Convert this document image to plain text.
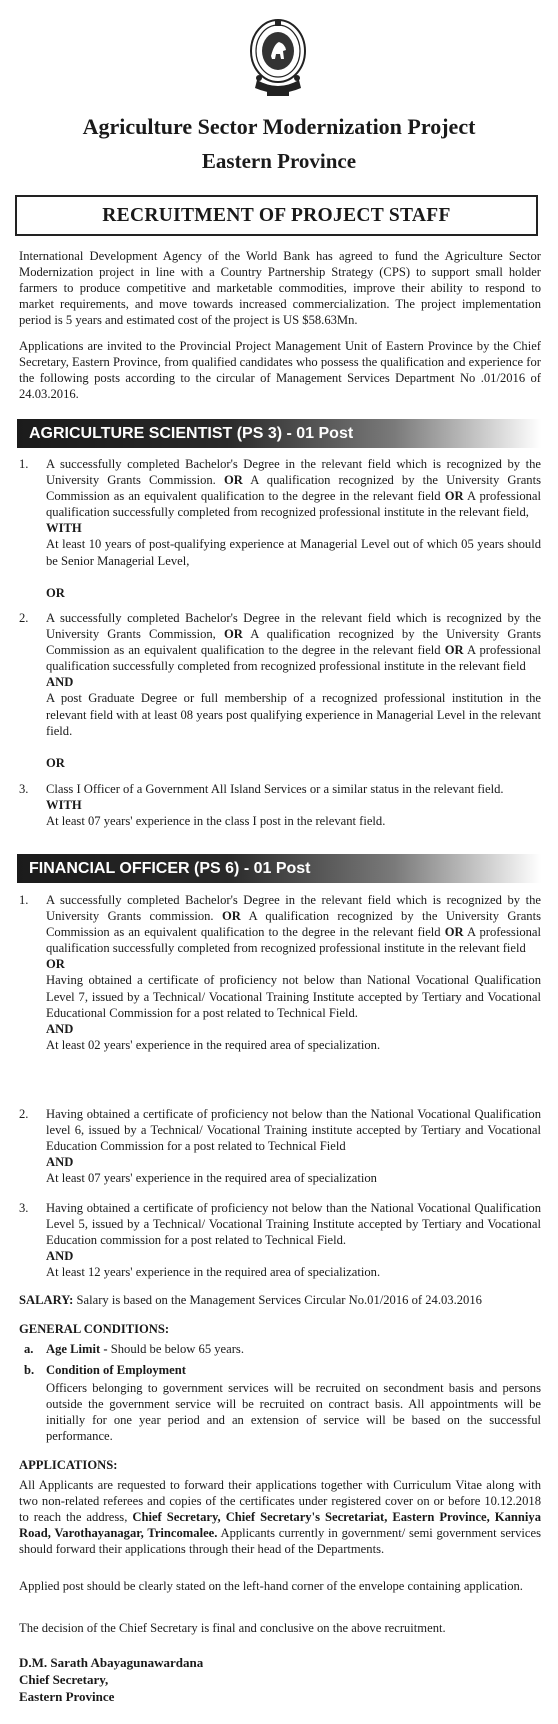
Agriculture Sector Modernization Project
Eastern Province
RECRUITMENT OF PROJECT STAFF
International Development Agency of the World Bank has agreed to fund the Agriculture Sector Modernization project in line with a Country Partnership Strategy (CPS) to support small holder farmers to produce competitive and marketable commodities, improve their ability to respond to market requirements, and move towards increased commercialization. The project implementation period is 5 years and estimated cost of the project is US $58.63Mn.
Applications are invited to the Provincial Project Management Unit of Eastern Province by the Chief Secretary, Eastern Province, from qualified candidates who possess the qualification and experience for the following posts according to the circular of Management Services Department No .01/2016 of 24.03.2016.
AGRICULTURE SCIENTIST (PS 3) - 01 Post
1.	A successfully completed Bachelor's Degree in the relevant field which is recognized by the University Grants Commission. OR A qualification recognized by the University Grants Commission as an equivalent qualification to the degree in the relevant field OR A professional qualification successfully completed from recognized professional institute in the relevant field,
WITH
At least 10 years of post-qualifying experience at Managerial Level out of which 05 years should be Senior Managerial Level,
OR
2.	A successfully completed Bachelor's Degree in the relevant field which is recognized by the University Grants Commission, OR A qualification recognized by the University Grants Commission as an equivalent qualification to the degree in the relevant field OR A professional qualification successfully completed from recognized professional institute in the relevant field
AND
A post Graduate Degree or full membership of a recognized professional institution in the relevant field with at least 08 years post qualifying experience in Managerial Level in the relevant field.
OR
3.	Class I Officer of a Government All Island Services or a similar status in the relevant field.
WITH
At least 07 years' experience in the class I post in the relevant field.
FINANCIAL OFFICER (PS 6) - 01 Post
1.	A successfully completed Bachelor's Degree in the relevant field which is recognized by the University Grants commission. OR A qualification recognized by the University Grants Commission as an equivalent qualification to the degree in the relevant field OR A professional qualification successfully completed from recognized professional institute in the relevant field
OR
Having obtained a certificate of proficiency not below than National Vocational Qualification Level 7, issued by a Technical/ Vocational Training Institute accepted by Tertiary and Vocational Educational Commission for a post related to Technical Field.
AND
At least 02 years' experience in the required area of specialization.
2.	Having obtained a certificate of proficiency not below than the National Vocational Qualification level 6, issued by a Technical/ Vocational Training institute accepted by Tertiary and Vocational Education Commission for a post related to Technical Field
AND
At least 07 years' experience in the required area of specialization
3.	Having obtained a certificate of proficiency not below than the National Vocational Qualification Level 5, issued by a Technical/ Vocational Training Institute accepted by Tertiary and Vocational Education commission for a post related to Technical Field.
AND
At least 12 years' experience in the required area of specialization.
SALARY: Salary is based on the Management Services Circular No.01/2016 of 24.03.2016
GENERAL CONDITIONS:
a. Age Limit - Should be below 65 years.
b. Condition of Employment
Officers belonging to government services will be recruited on secondment basis and persons outside the government service will be recruited on contract basis. All appointments will be initially for one year period and an extension of service will be based on the successful performance.
APPLICATIONS:
All Applicants are requested to forward their applications together with Curriculum Vitae along with two non-related referees and copies of the certificates under registered cover on or before 10.12.2018 to reach the address, Chief Secretary, Chief Secretary's Secretariat, Eastern Province, Kanniya Road, Varothayanagar, Trincomalee. Applicants currently in government/ semi government services should forward their applications through their head of the Departments.
Applied post should be clearly stated on the left-hand corner of the envelope containing application.
The decision of the Chief Secretary is final and conclusive on the above recruitment.
D.M. Sarath Abayagunawardana
Chief Secretary,
Eastern Province
